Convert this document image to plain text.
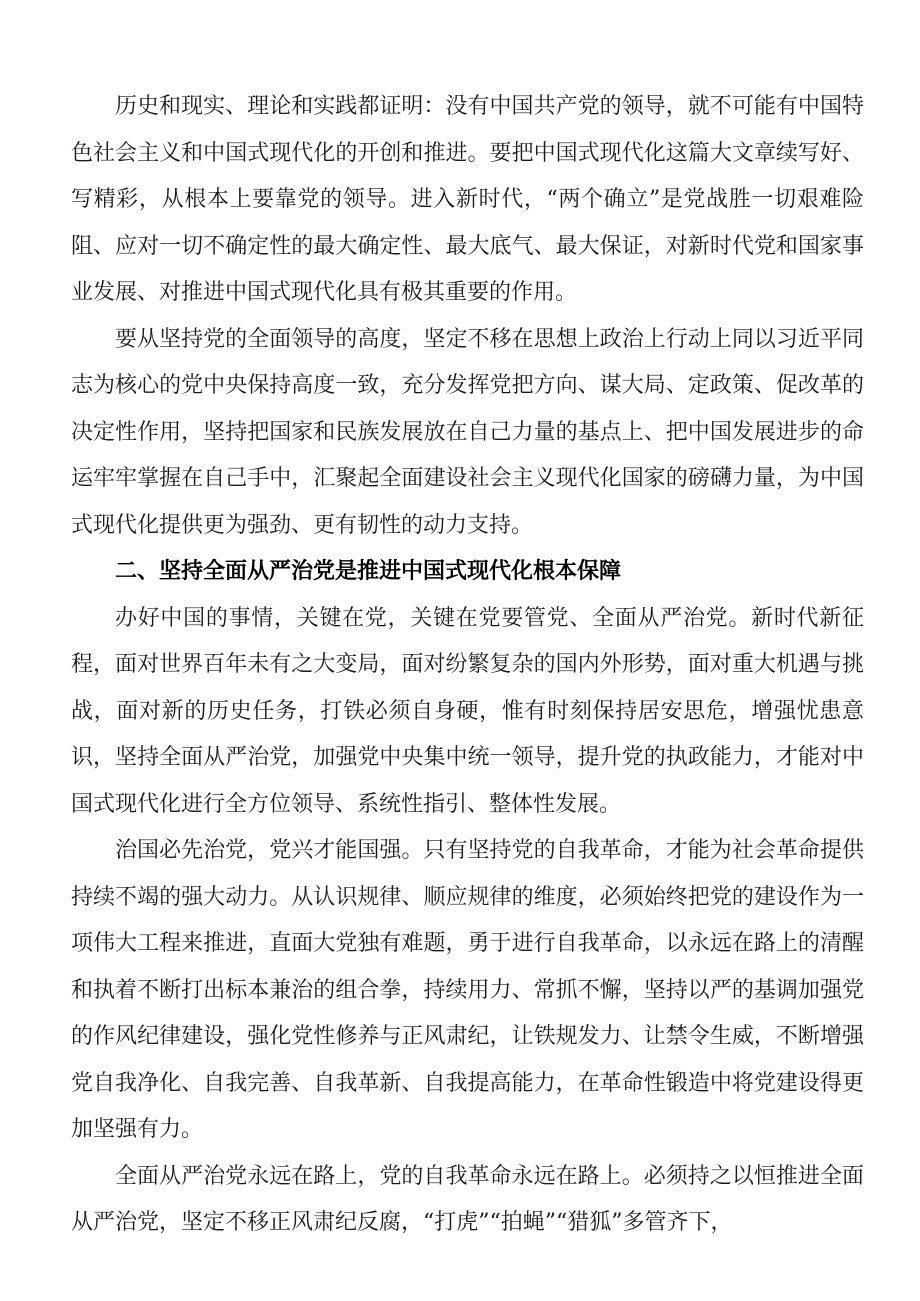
历史和现实、理论和实践都证明：没有中国共产党的领导，就不可能有中国特色社会主义和中国式现代化的开创和推进。要把中国式现代化这篇大文章续写好、写精彩，从根本上要靠党的领导。进入新时代，“两个确立”是党战胜一切艰难险阻、应对一切不确定性的最大确定性、最大底气、最大保证，对新时代党和国家事业发展、对推进中国式现代化具有极其重要的作用。

要从坚持党的全面领导的高度，坚定不移在思想上政治上行动上同以习近平同志为核心的党中央保持高度一致，充分发挥党把方向、谋大局、定政策、促改革的决定性作用，坚持把国家和民族发展放在自己力量的基点上、把中国发展进步的命运牢牢掌握在自己手中，汇聚起全面建设社会主义现代化国家的磅礴力量，为中国式现代化提供更为强劲、更有韧性的动力支持。

二、坚持全面从严治党是推进中国式现代化根本保障

办好中国的事情，关键在党，关键在党要管党、全面从严治党。新时代新征程，面对世界百年未有之大变局，面对纷繁复杂的国内外形势，面对重大机遇与挑战，面对新的历史任务，打铁必须自身硬，惟有时刻保持居安思危，增强忧患意识，坚持全面从严治党，加强党中央集中统一领导，提升党的执政能力，才能对中国式现代化进行全方位领导、系统性指引、整体性发展。

治国必先治党，党兴才能国强。只有坚持党的自我革命，才能为社会革命提供持续不竭的强大动力。从认识规律、顺应规律的维度，必须始终把党的建设作为一项伟大工程来推进，直面大党独有难题，勇于进行自我革命，以永远在路上的清醒和执着不断打出标本兼治的组合拳，持续用力、常抓不懈，坚持以严的基调加强党的作风纪律建设，强化党性修养与正风肃纪，让铁规发力、让禁令生威，不断增强党自我净化、自我完善、自我革新、自我提高能力，在革命性锻造中将党建设得更加坚强有力。

全面从严治党永远在路上，党的自我革命永远在路上。必须持之以恒推进全面从严治党，坚定不移正风肃纪反腐，“打虎”“拍蝇”“猎狐”多管齐下，
